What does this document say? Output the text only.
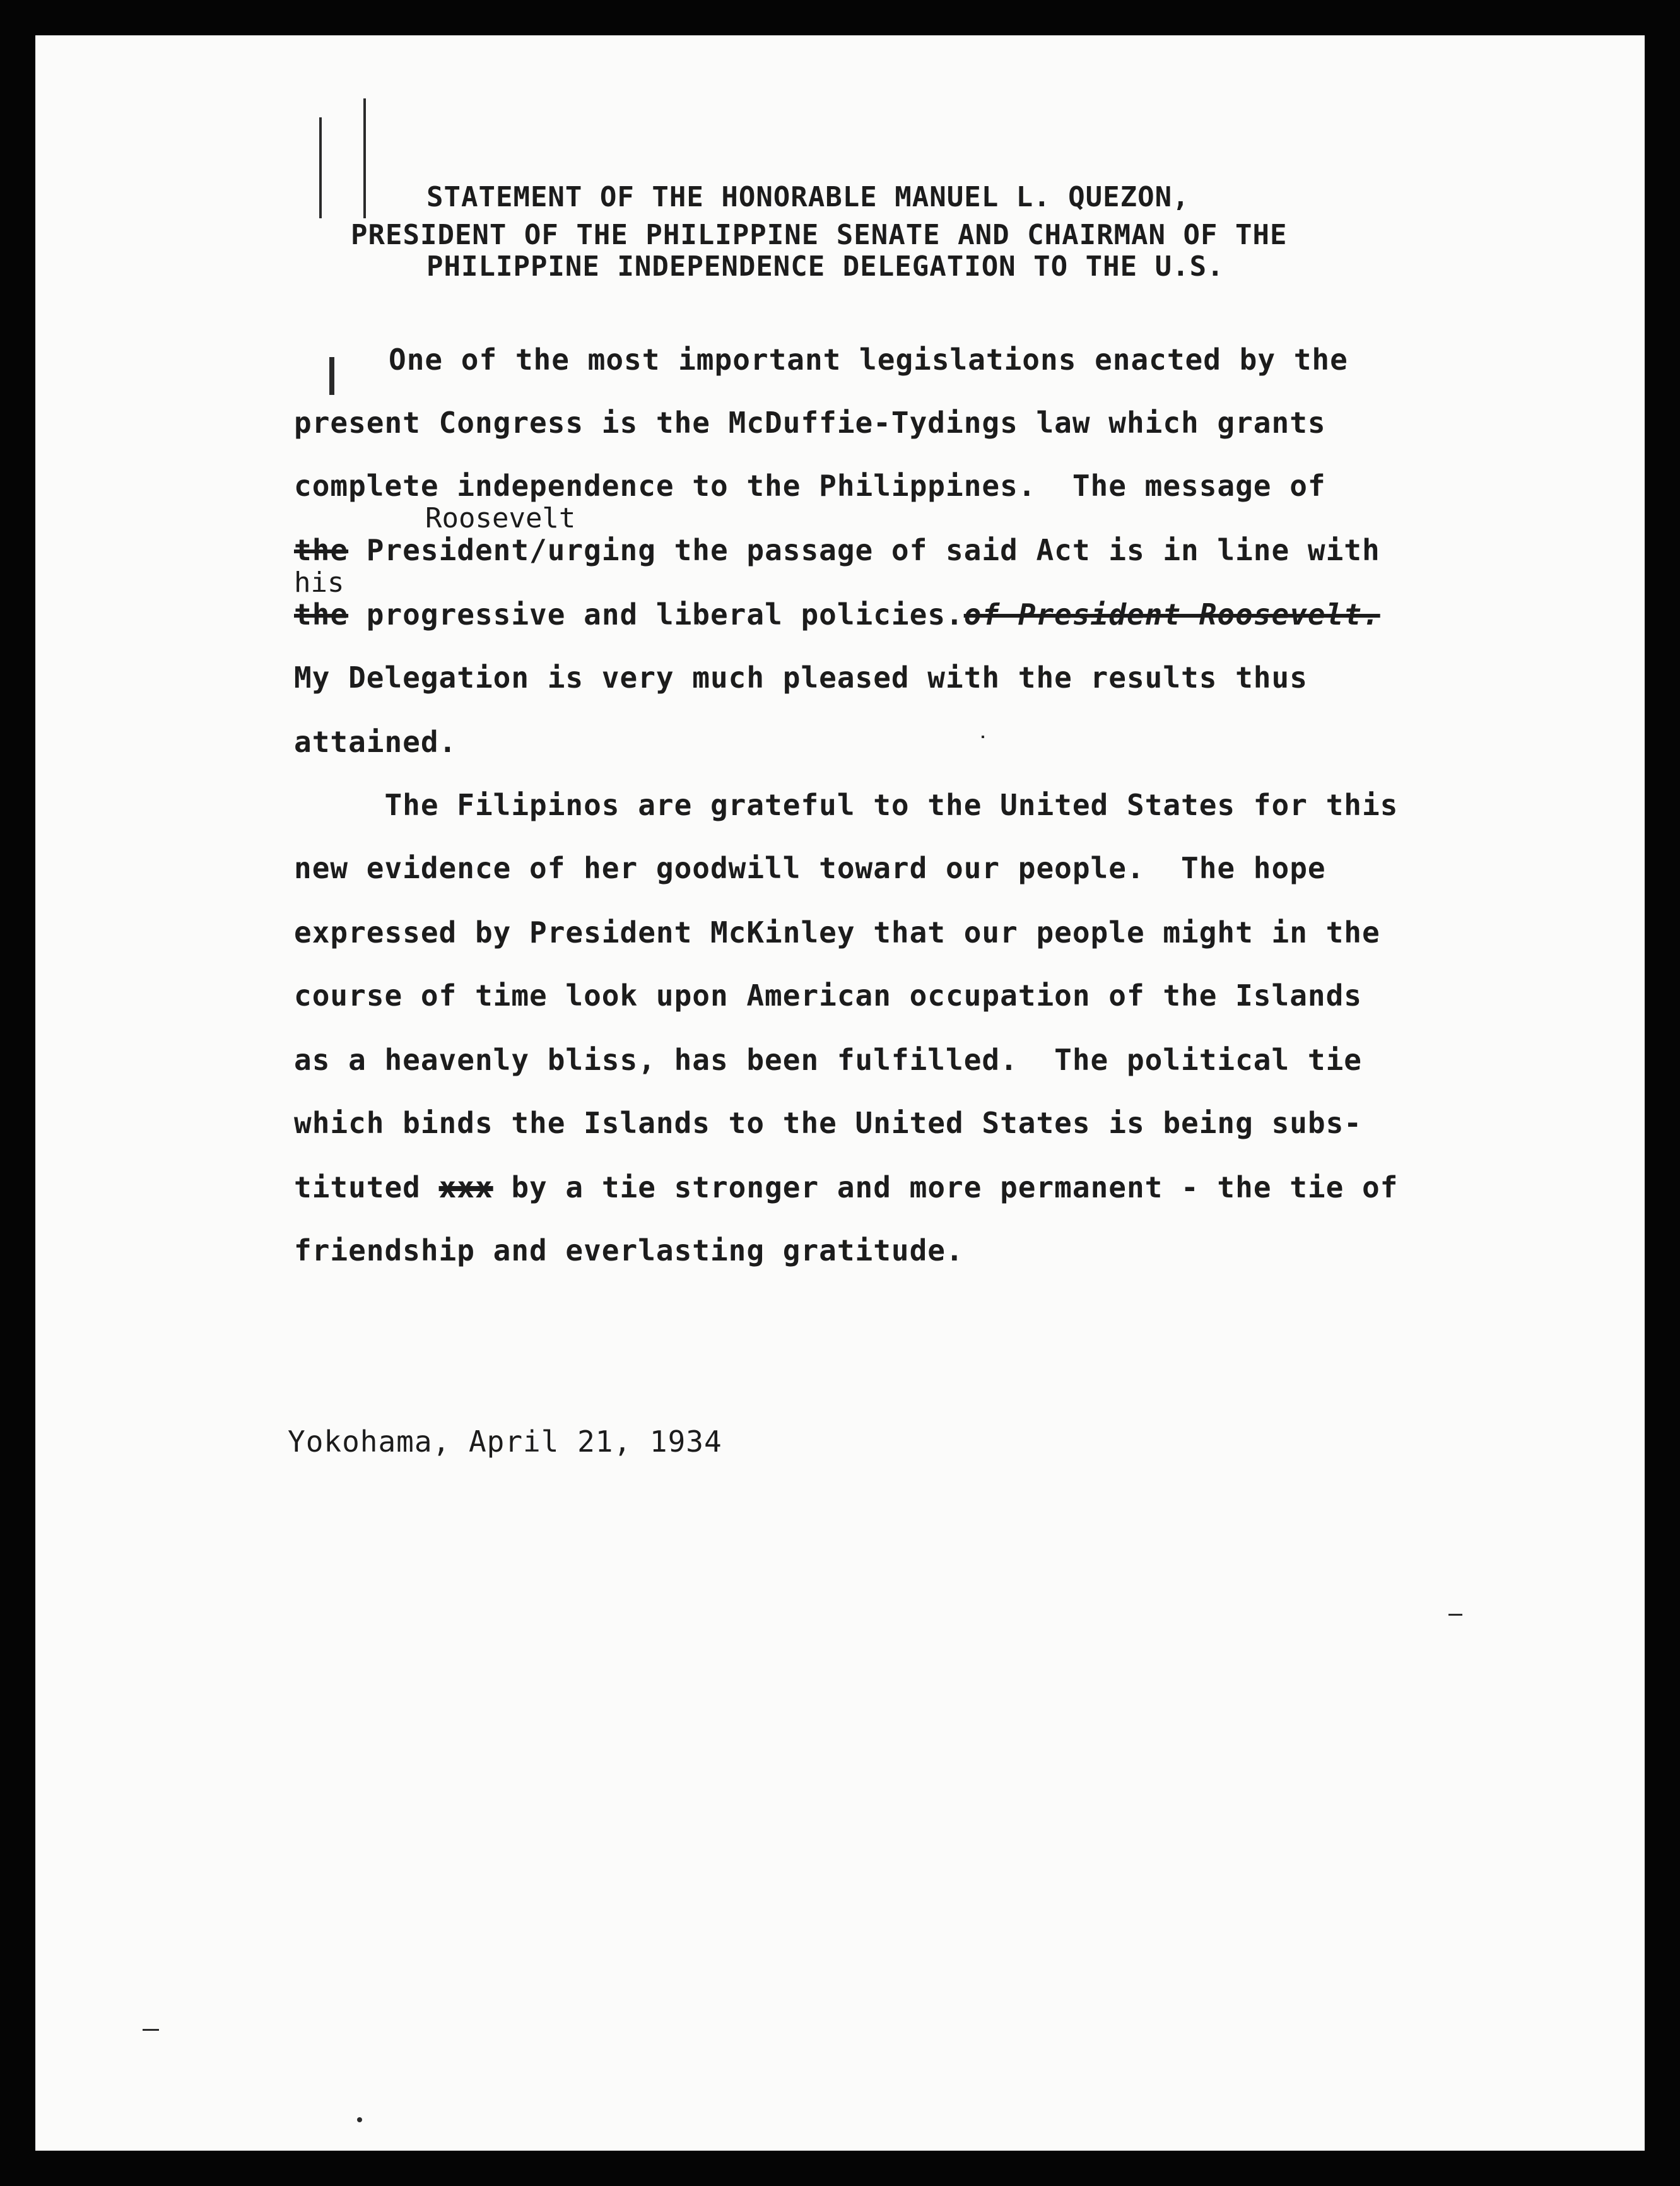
STATEMENT OF THE HONORABLE MANUEL L. QUEZON,

PRESIDENT OF THE PHILIPPINE SENATE AND CHAIRMAN OF THE

PHILIPPINE INDEPENDENCE DELEGATION TO THE U.S.

One of the most important legislations enacted by the

present Congress is the McDuffie-Tydings law which grants

complete independence to the Philippines.  The message of

Roosevelt

the President/urging the passage of said Act is in line with

his

the progressive and liberal policies.of President Roosevelt.

My Delegation is very much pleased with the results thus

attained.

The Filipinos are grateful to the United States for this

new evidence of her goodwill toward our people.  The hope

expressed by President McKinley that our people might in the

course of time look upon American occupation of the Islands

as a heavenly bliss, has been fulfilled.  The political tie

which binds the Islands to the United States is being subs-

tituted xxx by a tie stronger and more permanent - the tie of

friendship and everlasting gratitude.

Yokohama, April 21, 1934
